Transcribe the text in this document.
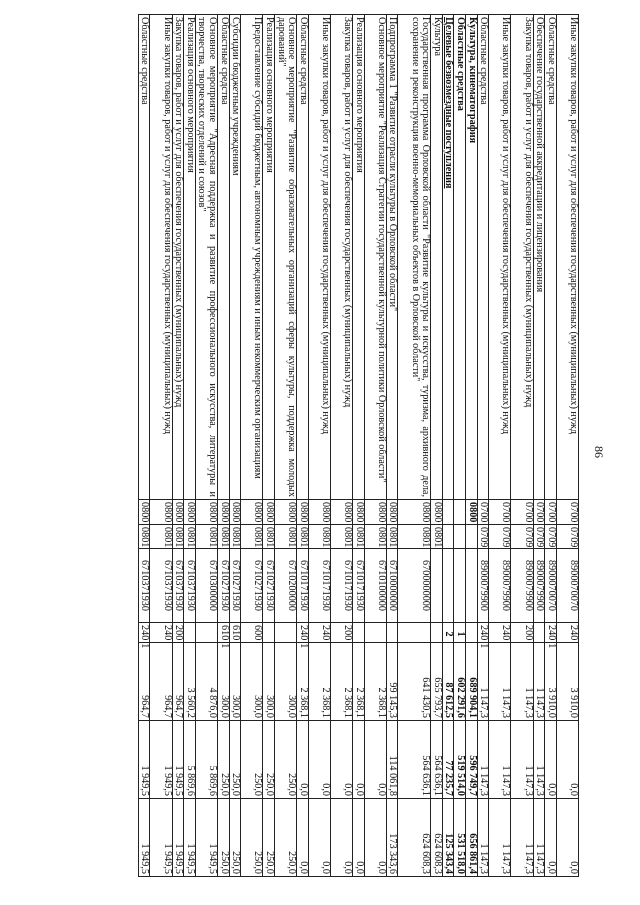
86
Иные закупки товаров, работ и услуг для обеспечения государственных (муниципальных) нужд	0700	0709	8900070070	240	3 910,0	0,0	0,0
Областные средства	0700	0709	8900070070	2401	3 910,0	0,0	0,0
Обеспечение государственной аккредитации и лицензирования	0700	0709	8900079900		1 147,3	1 147,3	1 147,3
Закупка товаров, работ и услуг для обеспечения государственных (муниципальных) нужд	0700	0709	8900079900	200	1 147,3	1 147,3	1 147,3
Иные закупки товаров, работ и услуг для обеспечения государственных (муниципальных) нужд	0700	0709	8900079900	240	1 147,3	1 147,3	1 147,3
Областные средства	0700	0709	8900079900	2401	1 147,3	1 147,3	1 147,3
Культура, кинематография	0800				689 904,1	596 749,7	656 861,4
Областные средства				1	602 291,6	519 514,0	531 518,0
Целевые безвозмездные поступления				2	87 612,5	77 235,7	125 343,4
Культура	0800	0801			655 793,7	564 636,1	624 608,3
Государственная программа Орловской области "Развитие культуры и искусства, туризма, архивного дела, сохранение и реконструкция военно-мемориальных объектов в Орловской области"	0800	0801	6700000000		641 430,5	564 636,1	624 608,3
Подпрограмма 1 "Развитие отрасли культуры в Орловской области"	0800	0801	6710000000		99 145,3	114 061,8	173 343,6
Основное мероприятие "Реализация Стратегии государственной культурной политики Орловской области"	0800	0801	6710100000		2 368,1	0,0	0,0
Реализация основного мероприятия	0800	0801	6710171930		2 368,1	0,0	0,0
Закупка товаров, работ и услуг для обеспечения государственных (муниципальных) нужд	0800	0801	6710171930	200	2 368,1	0,0	0,0
Иные закупки товаров, работ и услуг для обеспечения государственных (муниципальных) нужд	0800	0801	6710171930	240	2 368,1	0,0	0,0
Областные средства	0800	0801	6710171930	2401	2 368,1	0,0	0,0
Основное мероприятие "Развитие образовательных организаций сферы культуры, поддержка молодых дарований"	0800	0801	6710200000		300,0	250,0	250,0
Реализация основного мероприятия	0800	0801	6710271930		300,0	250,0	250,0
Предоставление субсидий бюджетным, автономным учреждениям и иным некоммерческим организациям	0800	0801	6710271930	600	300,0	250,0	250,0
Субсидии бюджетным учреждениям	0800	0801	6710271930	610	300,0	250,0	250,0
Областные средства	0800	0801	6710271930	6101	300,0	250,0	250,0
Основное мероприятие "Адресная поддержка и развитие профессионального искусства, литературы и творчества, творческих отделений и союзов"	0800	0801	6710300000		4 876,0	5 869,6	1 949,5
Реализация основного мероприятия	0800	0801	6710371930		3 560,2	5 869,6	1 949,5
Закупка товаров, работ и услуг для обеспечения государственных (муниципальных) нужд	0800	0801	6710371930	200	964,7	1 949,5	1 949,5
Иные закупки товаров, работ и услуг для обеспечения государственных (муниципальных) нужд	0800	0801	6710371930	240	964,7	1 949,5	1 949,5
Областные средства	0800	0801	6710371930	2401	964,7	1 949,5	1 949,5
